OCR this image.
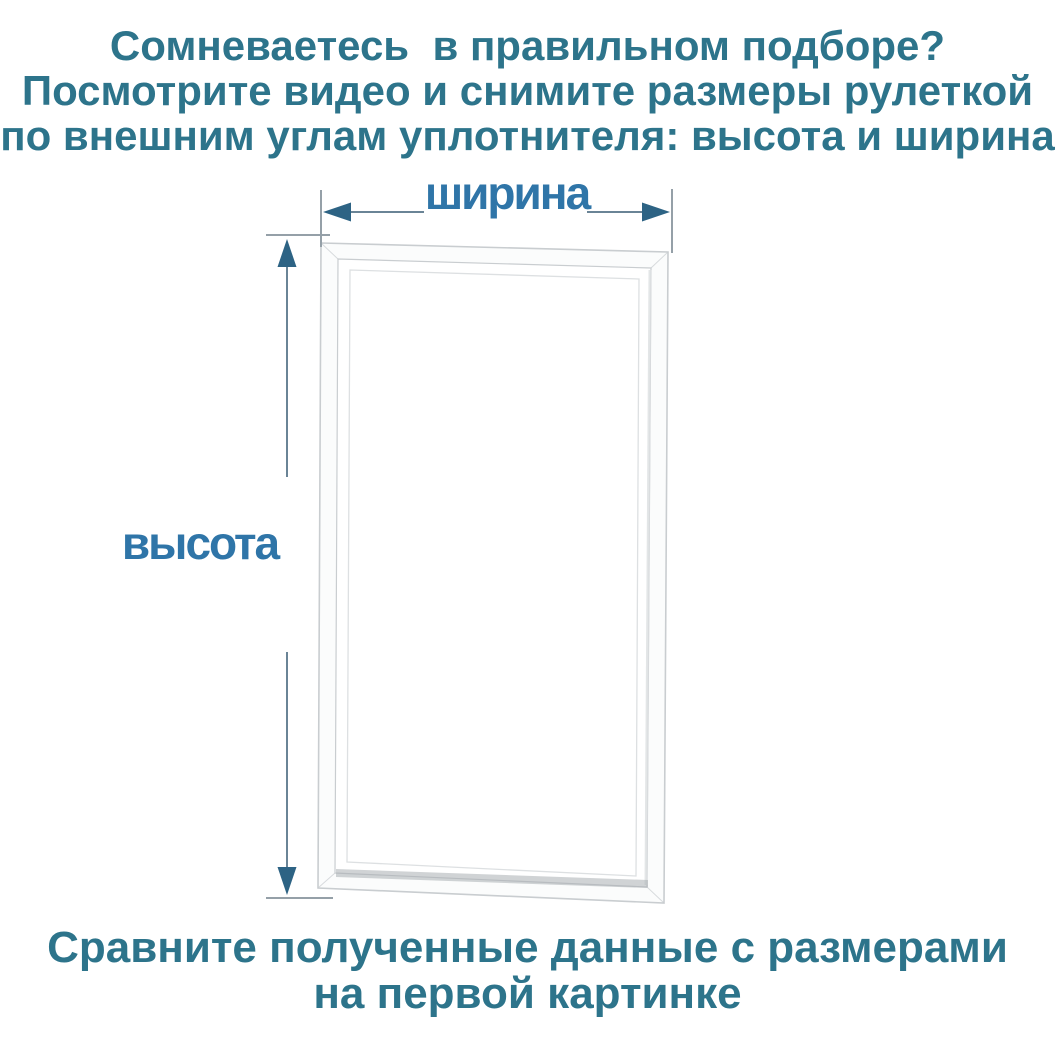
Сомневаетесь  в правильном подборе?
Посмотрите видео и снимите размеры рулеткой
по внешним углам уплотнителя: высота и ширина
ширина
высота
Сравните полученные данные с размерами
на первой картинке
